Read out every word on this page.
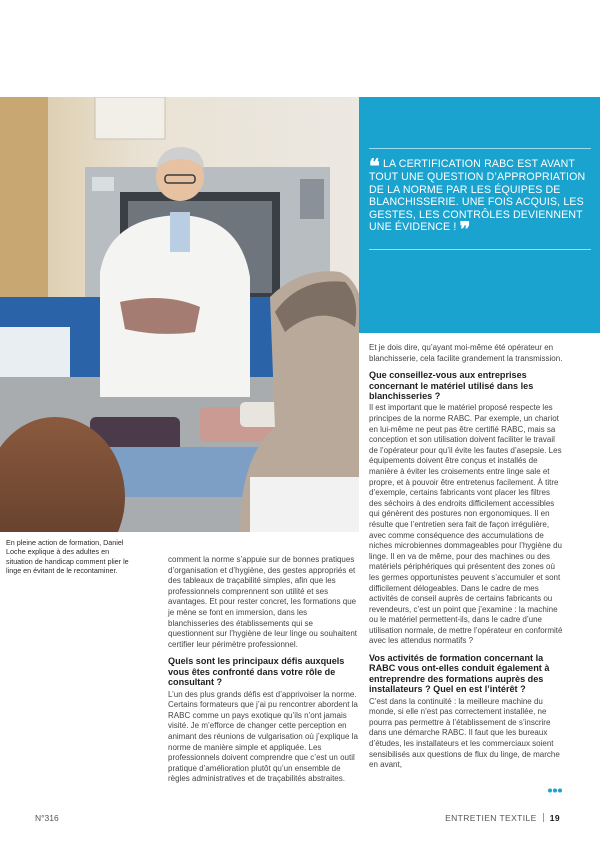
❝ LA CERTIFICATION RABC EST AVANT TOUT UNE QUESTION D’APPROPRIATION DE LA NORME PAR LES ÉQUIPES DE BLANCHISSERIE. UNE FOIS ACQUIS, LES GESTES, LES CONTRÔLES DEVIENNENT UNE ÉVIDENCE ! ❞
En pleine action de formation, Daniel Loche explique à des adultes en situation de handicap comment plier le linge en évitant de le recontaminer.

comment la norme s’appuie sur de bonnes pratiques d’organisation et d’hygiène, des gestes appropriés et des tableaux de traçabilité simples, afin que les professionnels comprennent son utilité et ses avantages. Et pour rester concret, les formations que je mène se font en immersion, dans les blanchisseries des établissements qui se questionnent sur l’hygiène de leur linge ou souhaitent certifier leur périmètre professionnel.

Quels sont les principaux défis auxquels vous êtes confronté dans votre rôle de consultant ?

L’un des plus grands défis est d’apprivoiser la norme. Certains formateurs que j’ai pu rencontrer abordent la RABC comme un pays exotique qu’ils n’ont jamais visité. Je m’efforce de changer cette perception en animant des réunions de vulgarisation où j’explique la norme de manière simple et appliquée. Les professionnels doivent comprendre que c’est un outil pratique d’amélioration plutôt qu’un ensemble de règles administratives et de traçabilités abstraites.

Et je dois dire, qu’ayant moi-même été opérateur en blanchisserie, cela facilite grandement la transmission.

Que conseillez-vous aux entreprises concernant le matériel utilisé dans les blanchisseries ?

Il est important que le matériel proposé respecte les principes de la norme RABC. Par exemple, un chariot en lui-même ne peut pas être certifié RABC, mais sa conception et son utilisation doivent faciliter le travail de l’opérateur pour qu’il évite les fautes d’asepsie. Les équipements doivent être conçus et installés de manière à éviter les croisements entre linge sale et propre, et à pouvoir être entretenus facilement. À titre d’exemple, certains fabricants vont placer les filtres des séchoirs à des endroits difficilement accessibles qui génèrent des postures non ergonomiques. Il en résulte que l’entretien sera fait de façon irrégulière, avec comme conséquence des accumulations de niches microbiennes dommageables pour l’hygiène du linge. Il en va de même, pour des machines ou des matériels périphériques qui présentent des zones où les germes opportunistes peuvent s’accumuler et sont difficilement délogeables. Dans le cadre de mes activités de conseil auprès de certains fabricants ou revendeurs, c’est un point que j’examine : la machine ou le matériel permettent-ils, dans le cadre d’une utilisation normale, de mettre l’opérateur en conformité avec les attendus normatifs ?

Vos activités de formation concernant la RABC vous ont-elles conduit également à entreprendre des formations auprès des installateurs ? Quel en est l’intérêt ?

C’est dans la continuité : la meilleure machine du monde, si elle n’est pas correctement installée, ne pourra pas permettre à l’établissement de s’inscrire dans une démarche RABC. Il faut que les bureaux d’études, les installateurs et les commerciaux soient sensibilisés aux questions de flux du linge, de marche en avant,

N°316	ENTRETIEN TEXTILE 19
